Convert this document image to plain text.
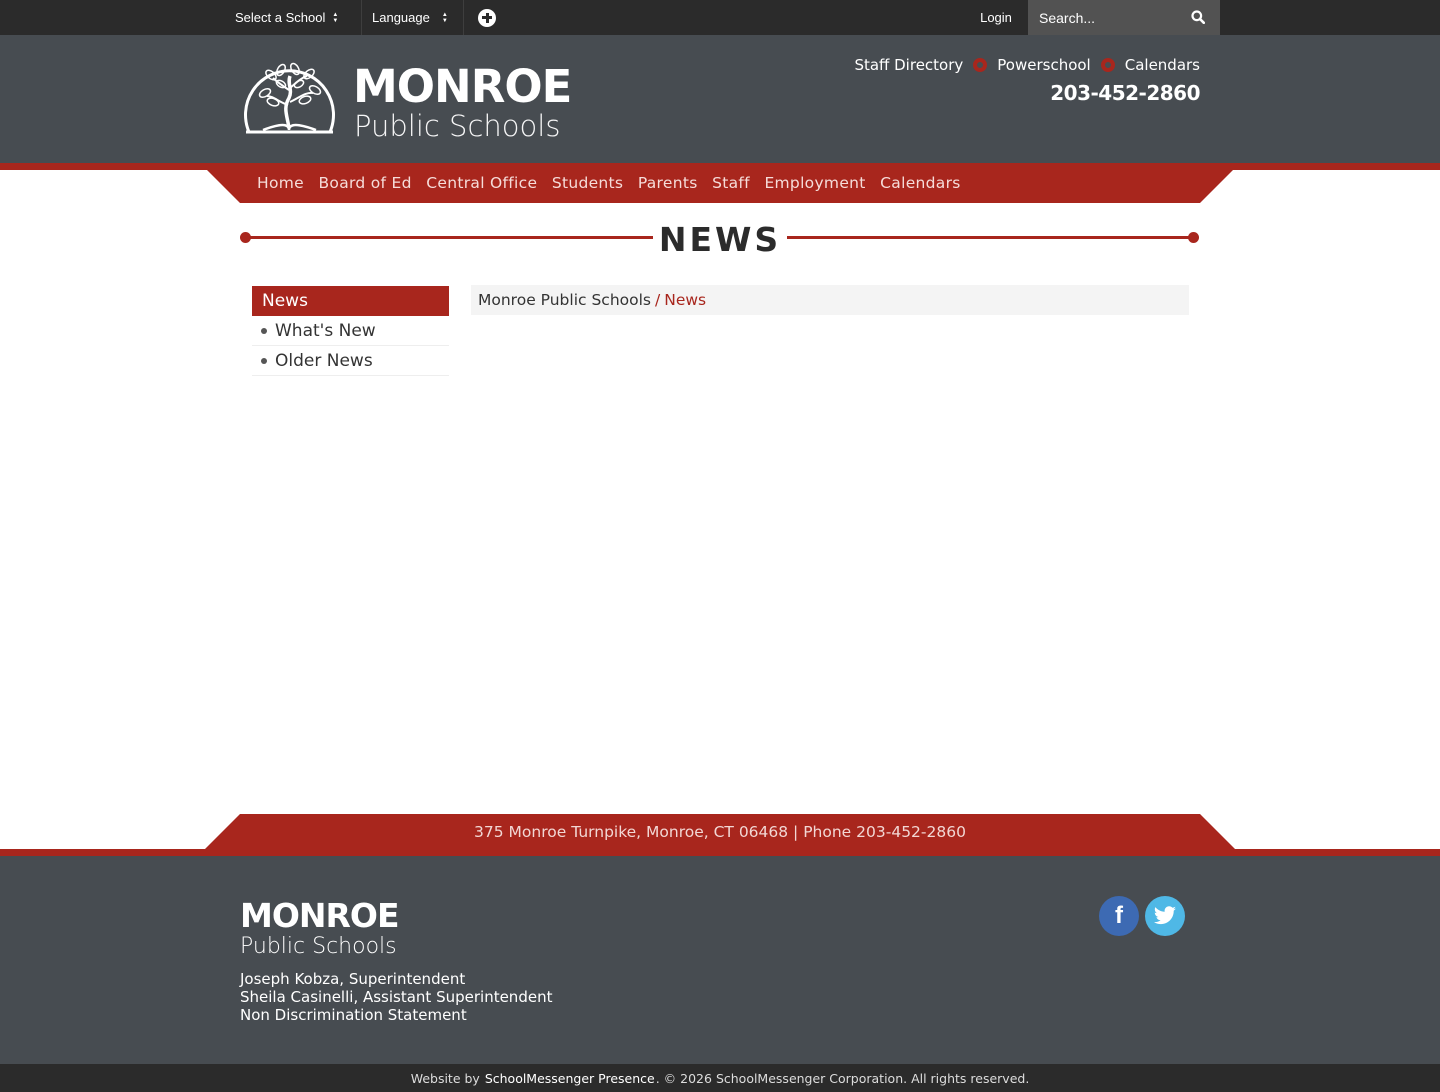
Select a School ▲
▼	Language ▲
▼	Login
Search...
MONROE
Public Schools
Staff Directory Powerschool Calendars
203-452-2860
Home Board of Ed Central Office Students Parents Staff Employment Calendars
NEWS
News
What's New
Older News
Monroe Public Schools / News
375 Monroe Turnpike, Monroe, CT 06468 | Phone 203-452-2860
MONROE
Public Schools
Joseph Kobza, Superintendent
Sheila Casinelli, Assistant Superintendent
Non Discrimination Statement
f
Website by
SchoolMessenger Presence . © 2026 SchoolMessenger Corporation. All rights reserved.
